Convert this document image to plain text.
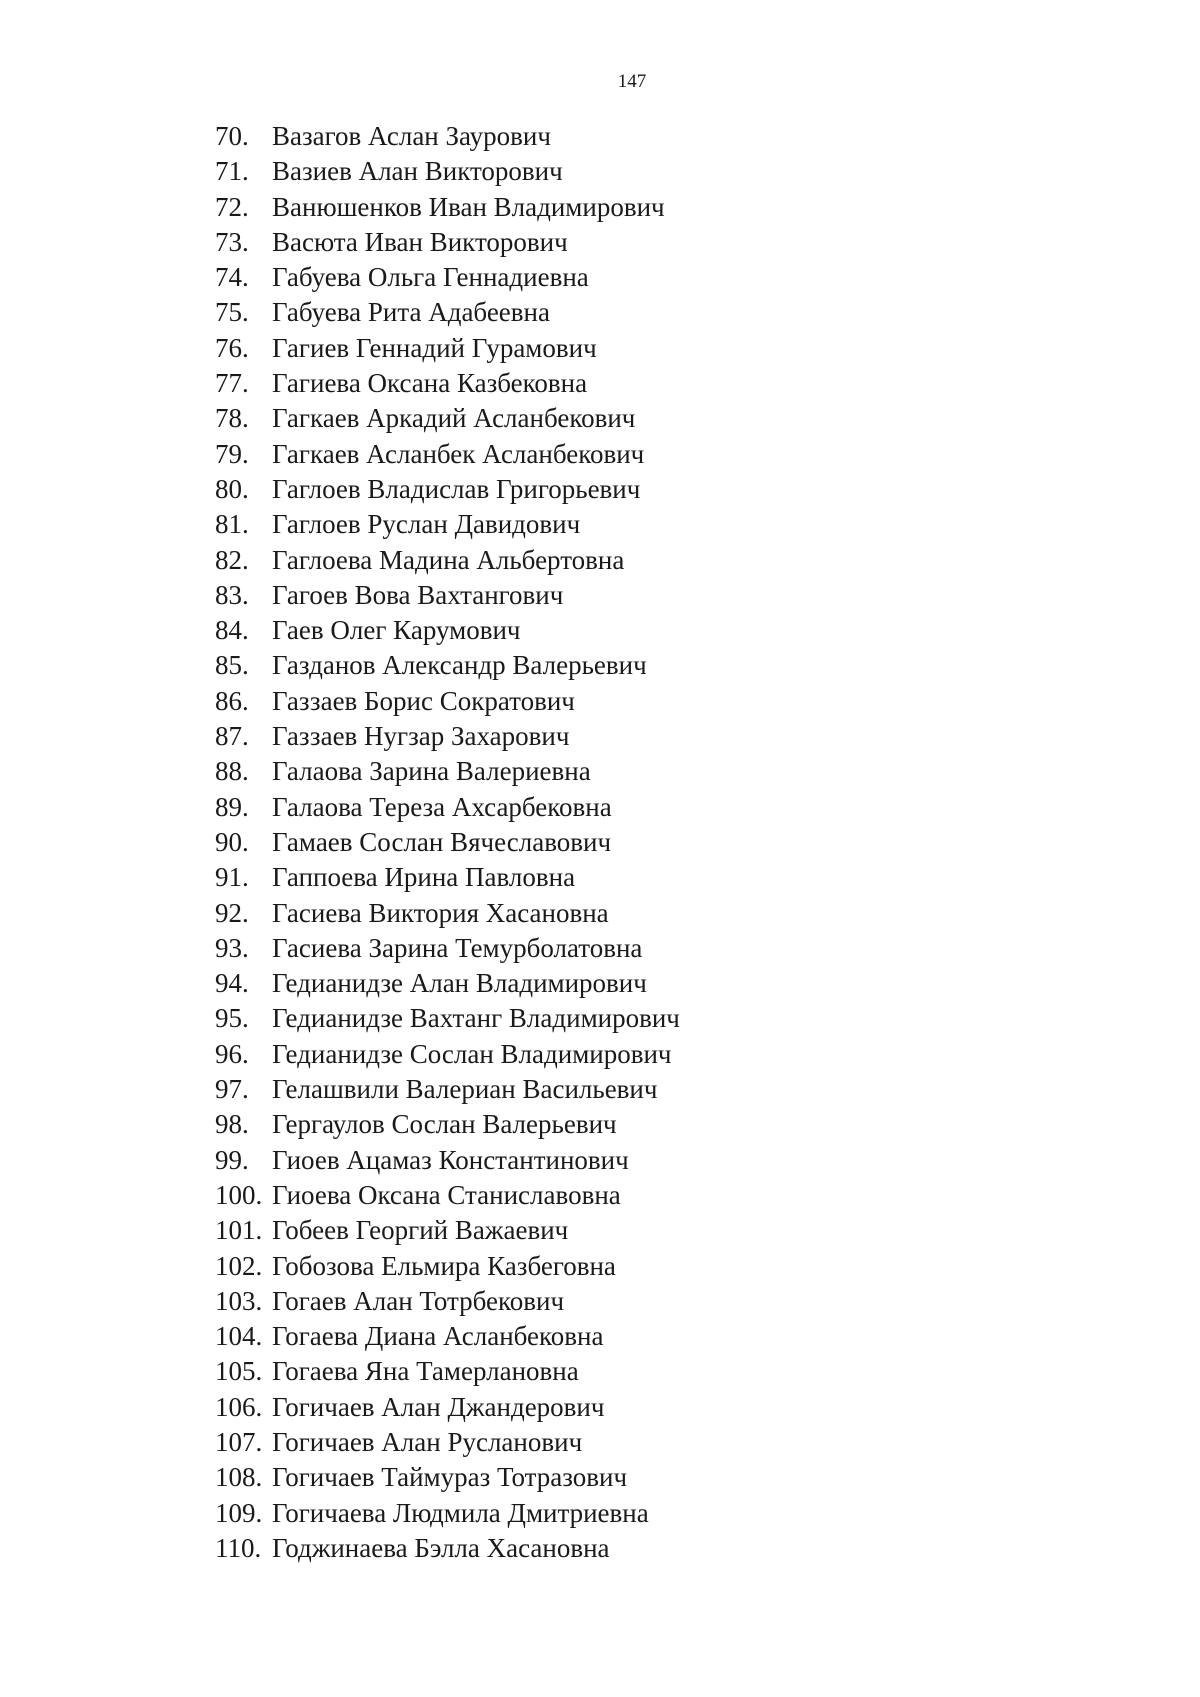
147
70. Вазагов Аслан Заурович
71. Вазиев Алан Викторович
72. Ванюшенков Иван Владимирович
73. Васюта Иван Викторович
74. Габуева Ольга Геннадиевна
75. Габуева Рита Адабеевна
76. Гагиев Геннадий Гурамович
77. Гагиева Оксана Казбековна
78. Гагкаев Аркадий Асланбекович
79. Гагкаев Асланбек Асланбекович
80. Гаглоев Владислав Григорьевич
81. Гаглоев Руслан Давидович
82. Гаглоева Мадина Альбертовна
83. Гагоев Вова Вахтангович
84. Гаев Олег Карумович
85. Газданов Александр Валерьевич
86. Газзаев Борис Сократович
87. Газзаев Нугзар Захарович
88. Галаова Зарина Валериевна
89. Галаова Тереза Ахсарбековна
90. Гамаев Сослан Вячеславович
91. Гаппоева Ирина Павловна
92. Гасиева Виктория Хасановна
93. Гасиева Зарина Темурболатовна
94. Гедианидзе Алан Владимирович
95. Гедианидзе Вахтанг Владимирович
96. Гедианидзе Сослан Владимирович
97. Гелашвили Валериан Васильевич
98. Гергаулов Сослан Валерьевич
99. Гиоев Ацамаз Константинович
100. Гиоева Оксана Станиславовна
101. Гобеев Георгий Важаевич
102. Гобозова Ельмира Казбеговна
103. Гогаев Алан Тотрбекович
104. Гогаева Диана Асланбековна
105. Гогаева Яна Тамерлановна
106. Гогичаев Алан Джандерович
107. Гогичаев Алан Русланович
108. Гогичаев Таймураз Тотразович
109. Гогичаева Людмила Дмитриевна
110. Годжинаева Бэлла Хасановна
